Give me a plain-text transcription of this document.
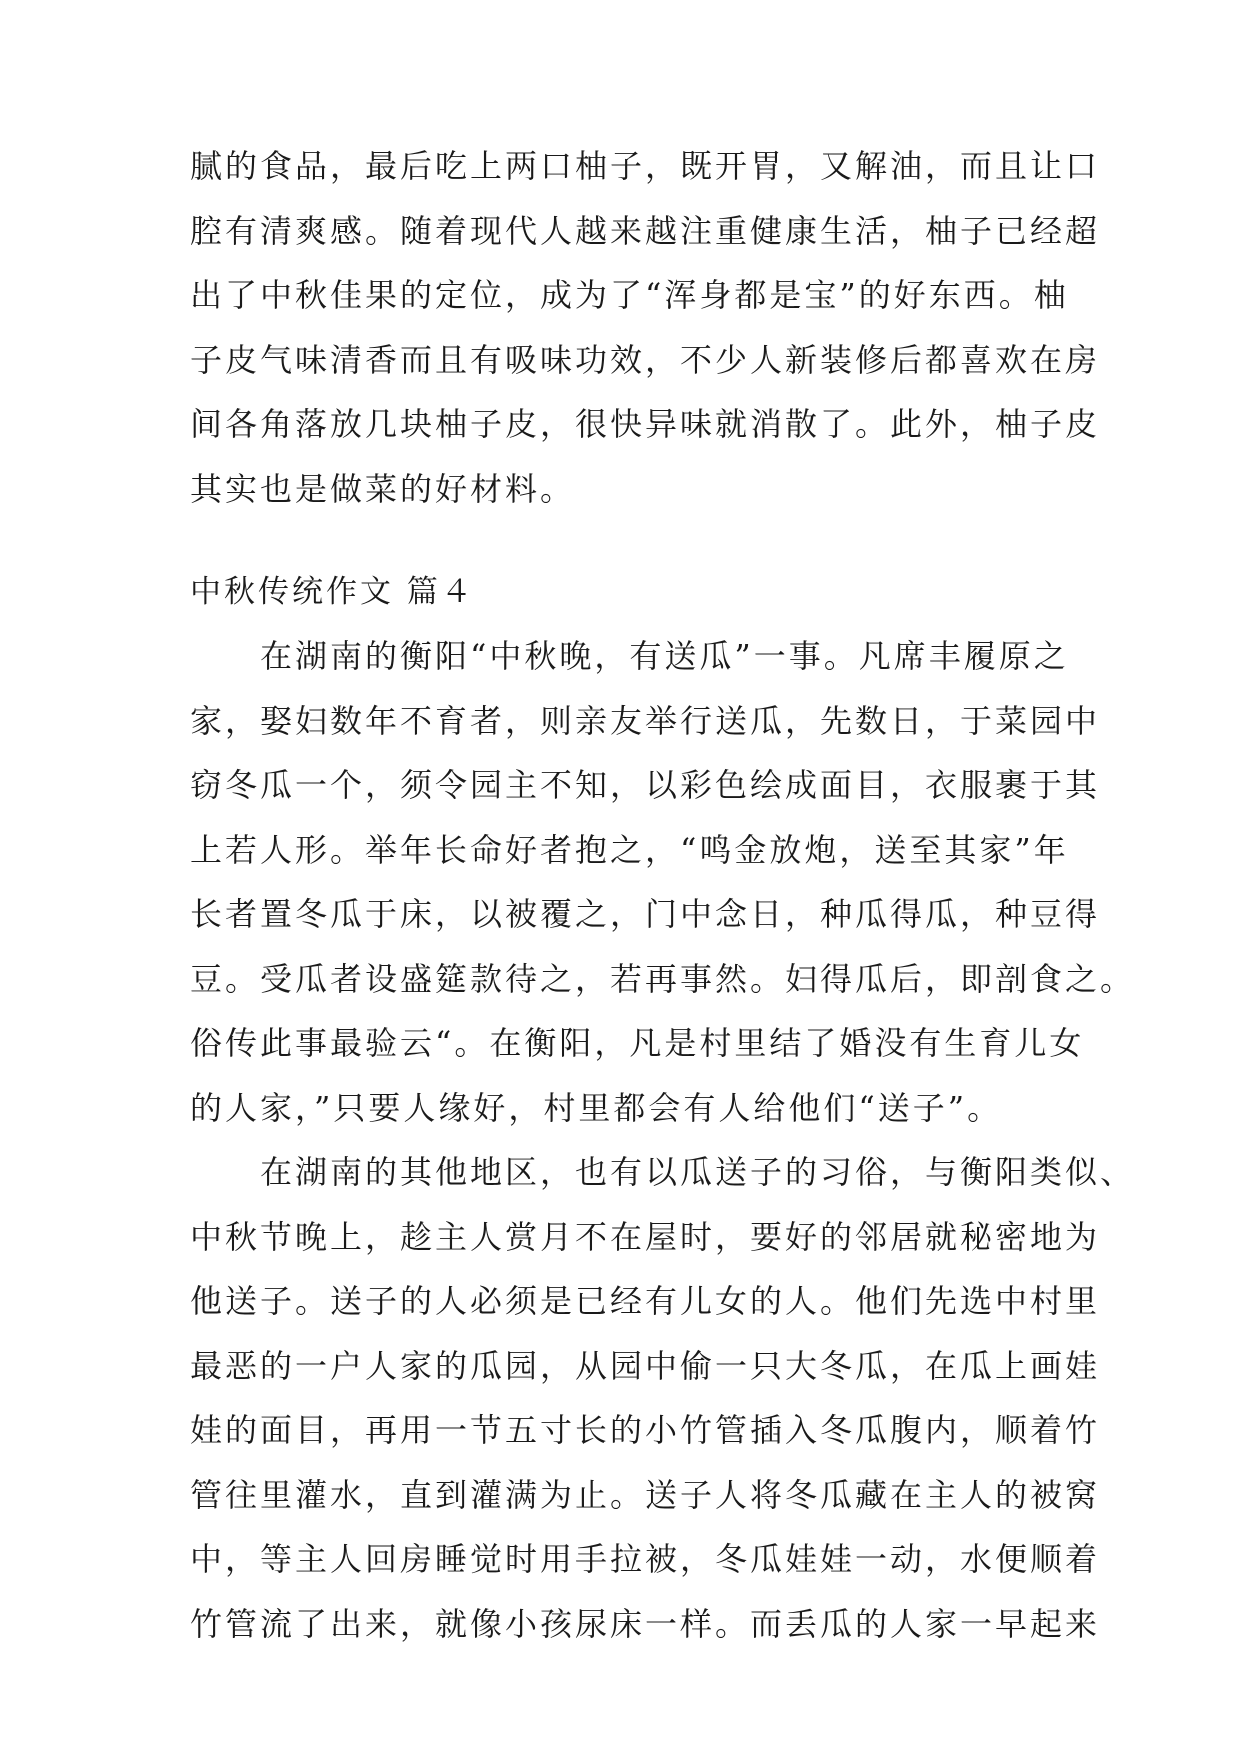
腻的食品，最后吃上两口柚子，既开胃，又解油，而且让口
腔有清爽感。随着现代人越来越注重健康生活，柚子已经超
出了中秋佳果的定位，成为了“浑身都是宝”的好东西。柚
子皮气味清香而且有吸味功效，不少人新装修后都喜欢在房
间各角落放几块柚子皮，很快异味就消散了。此外，柚子皮
其实也是做菜的好材料。
中秋传统作文 篇４
在湖南的衡阳“中秋晚，有送瓜”一事。凡席丰履原之
家，娶妇数年不育者，则亲友举行送瓜，先数日，于菜园中
窃冬瓜一个，须令园主不知，以彩色绘成面目，衣服裹于其
上若人形。举年长命好者抱之，“鸣金放炮，送至其家”年
长者置冬瓜于床，以被覆之，门中念日，种瓜得瓜，种豆得
豆。受瓜者设盛筵款待之，若再事然。妇得瓜后，即剖食之。
俗传此事最验云“。在衡阳，凡是村里结了婚没有生育儿女
的人家，”只要人缘好，村里都会有人给他们“送子”。
在湖南的其他地区，也有以瓜送子的习俗，与衡阳类似、
中秋节晚上，趁主人赏月不在屋时，要好的邻居就秘密地为
他送子。送子的人必须是已经有儿女的人。他们先选中村里
最恶的一户人家的瓜园，从园中偷一只大冬瓜，在瓜上画娃
娃的面目，再用一节五寸长的小竹管插入冬瓜腹内，顺着竹
管往里灌水，直到灌满为止。送子人将冬瓜藏在主人的被窝
中，等主人回房睡觉时用手拉被，冬瓜娃娃一动，水便顺着
竹管流了出来，就像小孩尿床一样。而丢瓜的人家一早起来
